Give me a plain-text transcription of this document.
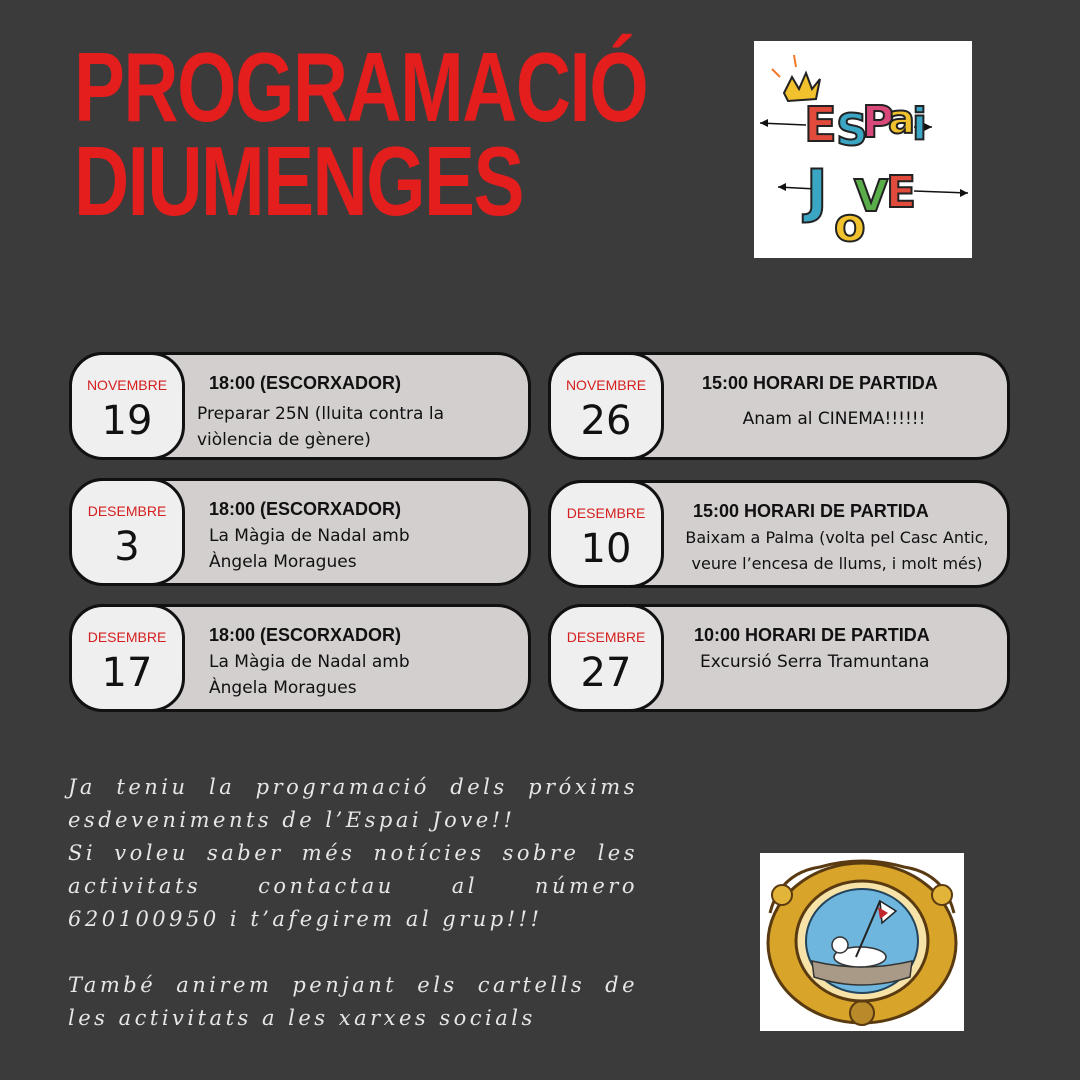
PROGRAMACIÓ
DIUMENGES
E S
P
a
i
J o
V
E
NOVEMBRE
19
18:00 (ESCORXADOR)
Preparar 25N (lluita contra la
viòlencia de gènere)
NOVEMBRE
26
15:00 HORARI DE PARTIDA
Anam al CINEMA!!!!!!
DESEMBRE
3
18:00 (ESCORXADOR)
La Màgia de Nadal amb
Àngela Moragues
DESEMBRE
10
15:00 HORARI DE PARTIDA
Baixam a Palma (volta pel Casc Antic,
veure l’encesa de llums, i molt més)
DESEMBRE
17
18:00 (ESCORXADOR)
La Màgia de Nadal amb
Àngela Moragues
DESEMBRE
27
10:00 HORARI DE PARTIDA
Excursió Serra Tramuntana

Ja teniu la programació dels próxims esdeveniments de l’Espai Jove!!

Si voleu saber més notícies sobre les activitats contactau al número 620100950 i t’afegirem al grup!!!

També anirem penjant els cartells de les activitats a les xarxes socials
